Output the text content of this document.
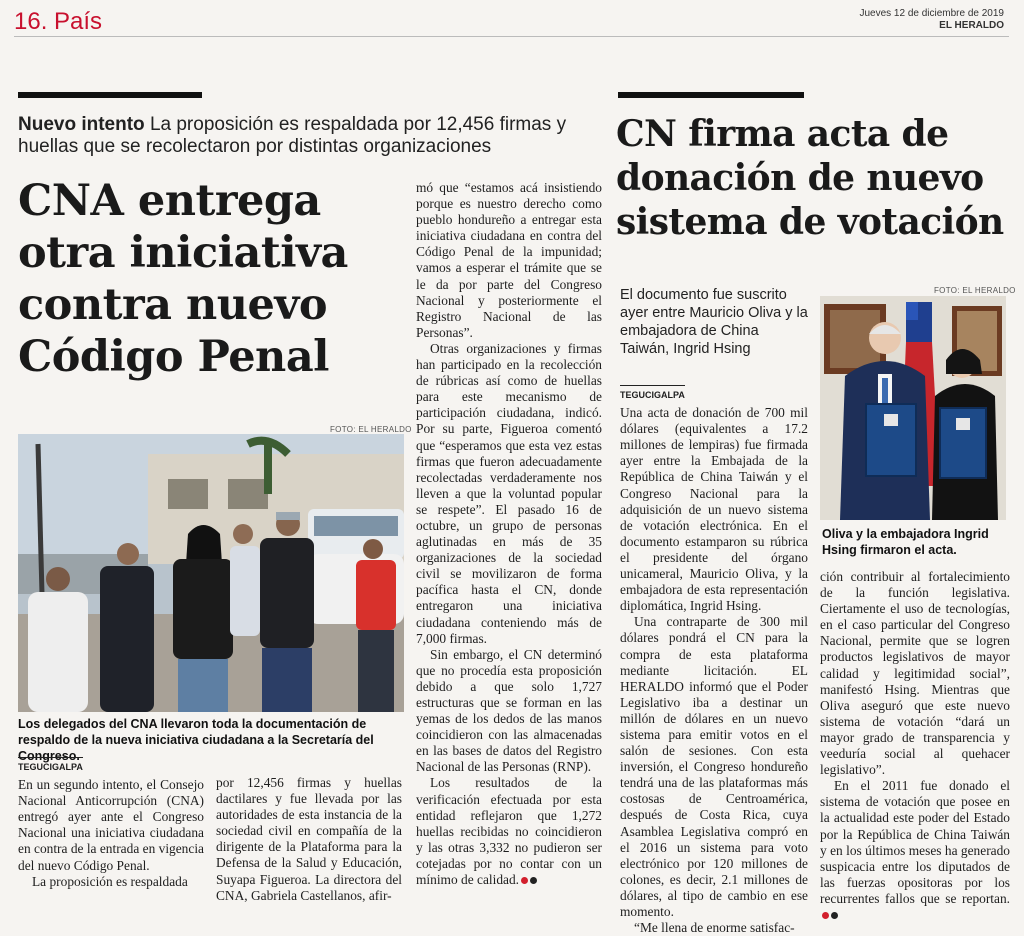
16. País	Jueves 12 de diciembre de 2019
EL HERALDO
Nuevo intento La proposición es respaldada por 12,456 firmas y huellas que se recolectaron por distintas organizaciones
CNA entrega otra iniciativa contra nuevo Código Penal
FOTO: EL HERALDO
Los delegados del CNA llevaron toda la documentación de respaldo de la nueva iniciativa ciudadana a la Secretaría del Congreso.
TEGUCIGALPA

En un segundo intento, el Consejo Nacional Anticorrupción (CNA) entregó ayer ante el Congreso Nacional una iniciativa ciudadana en contra de la entrada en vigencia del nuevo Código Penal.

La proposición es respaldada

por 12,456 firmas y huellas dactilares y fue llevada por las autoridades de esta instancia de la sociedad civil en compañía de la dirigente de la Plataforma para la Defensa de la Salud y Educación, Suyapa Figueroa. La directora del CNA, Gabriela Castellanos, afir-

mó que “estamos acá insistiendo porque es nuestro derecho como pueblo hondureño a entregar esta iniciativa ciudadana en contra del Código Penal de la impunidad; vamos a esperar el trámite que se le da por parte del Congreso Nacional y posteriormente el Registro Nacional de las Personas”.

Otras organizaciones y firmas han participado en la recolección de rúbricas así como de huellas para este mecanismo de participación ciudadana, indicó. Por su parte, Figueroa comentó que “esperamos que esta vez estas firmas que fueron adecuadamente recolectadas verdaderamente nos lleven a que la voluntad popular se respete”. El pasado 16 de octubre, un grupo de personas aglutinadas en más de 35 organizaciones de la sociedad civil se movilizaron de forma pacífica hasta el CN, donde entregaron una iniciativa ciudadana conteniendo más de 7,000 firmas.

Sin embargo, el CN determinó que no procedía esta proposición debido a que solo 1,727 estructuras que se forman en las yemas de los dedos de las manos coincidieron con las almacenadas en las bases de datos del Registro Nacional de las Personas (RNP).

Los resultados de la verificación efectuada por esta entidad reflejaron que 1,272 huellas recibidas no coincidieron y las otras 3,332 no pudieron ser cotejadas por no contar con un mínimo de calidad.

CN firma acta de donación de nuevo sistema de votación
El documento fue suscrito ayer entre Mauricio Oliva y la embajadora de China Taiwán, Ingrid Hsing
FOTO: EL HERALDO
Oliva y la embajadora Ingrid Hsing firmaron el acta.
TEGUCIGALPA

Una acta de donación de 700 mil dólares (equivalentes a 17.2 millones de lempiras) fue firmada ayer entre la Embajada de la República de China Taiwán y el Congreso Nacional para la adquisición de un nuevo sistema de votación electrónica. En el documento estamparon su rúbrica el presidente del órgano unicameral, Mauricio Oliva, y la embajadora de esta representación diplomática, Ingrid Hsing.

Una contraparte de 300 mil dólares pondrá el CN para la compra de esta plataforma mediante licitación. EL HERALDO informó que el Poder Legislativo iba a destinar un millón de dólares en un nuevo sistema para emitir votos en el salón de sesiones. Con esta inversión, el Congreso hondureño tendrá una de las plataformas más costosas de Centroamérica, después de Costa Rica, cuya Asamblea Legislativa compró en el 2016 un sistema para voto electrónico por 120 millones de colones, es decir, 2.1 millones de dólares, al tipo de cambio en ese momento.

“Me llena de enorme satisfac-

ción contribuir al fortalecimiento de la función legislativa. Ciertamente el uso de tecnologías, en el caso particular del Congreso Nacional, permite que se logren productos legislativos de mayor calidad y legitimidad social”, manifestó Hsing. Mientras que Oliva aseguró que este nuevo sistema de votación “dará un mayor grado de transparencia y veeduría social al quehacer legislativo”.

En el 2011 fue donado el sistema de votación que posee en la actualidad este poder del Estado por la República de China Taiwán y en los últimos meses ha generado suspicacia entre los diputados de las fuerzas opositoras por los recurrentes fallos que se reportan.
